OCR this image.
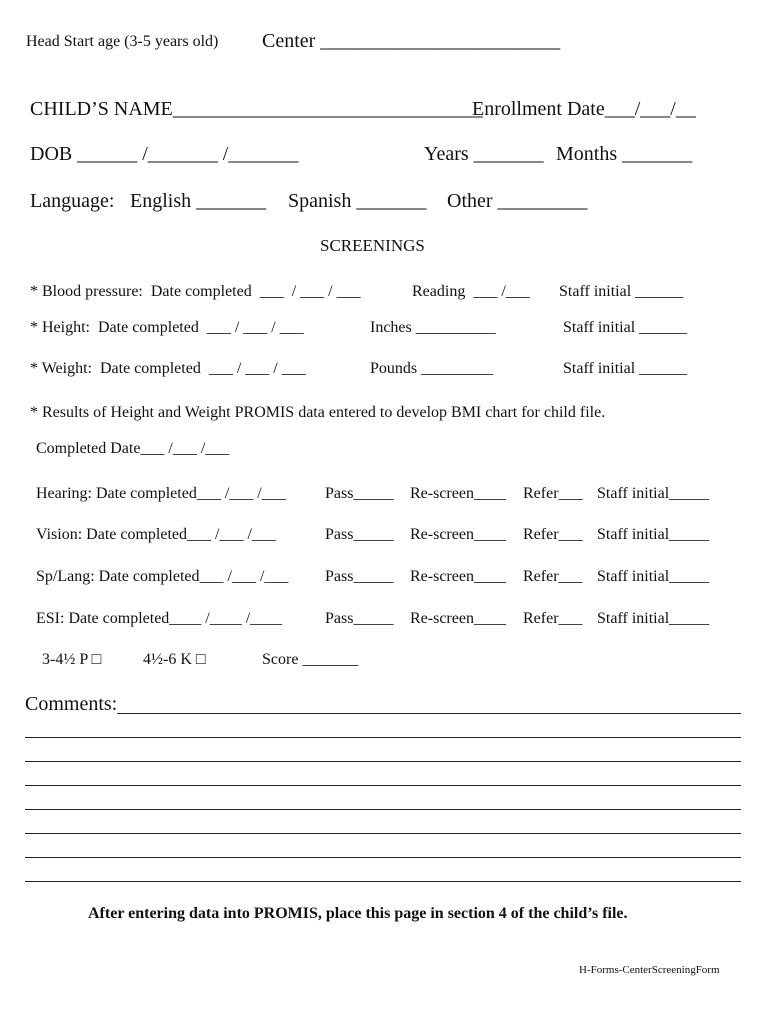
Head Start age (3-5 years old) Center ________________________
CHILD’S NAME_______________________________
Enrollment Date___/___/__
DOB ______ /_______ /_______	Years _______ Months _______
Language: English _______ Spanish _______ Other _________
SCREENINGS
* Blood pressure:  Date completed  ___  / ___ / ___	Reading  ___ /___ Staff initial ______
* Height:  Date completed  ___ / ___ / ___	Inches __________	Staff initial ______
* Weight:  Date completed  ___ / ___ / ___	Pounds _________	Staff initial ______
* Results of Height and Weight PROMIS data entered to develop BMI chart for child file.
Completed Date___ /___ /___
Hearing: Date completed___ /___ /___ Pass_____ Re-screen____ Refer___ Staff initial_____
Vision: Date completed___ /___ /___	Pass_____ Re-screen____ Refer___ Staff initial_____
Sp/Lang: Date completed___ /___ /___ Pass_____ Re-screen____ Refer___ Staff initial_____
ESI: Date completed____ /____ /____	Pass_____ Re-screen____ Refer___ Staff initial_____
3-4½ P □	4½-6 K □	Score _______
Comments:
After entering data into PROMIS, place this page in section 4 of the child’s file.
H-Forms-CenterScreeningForm
